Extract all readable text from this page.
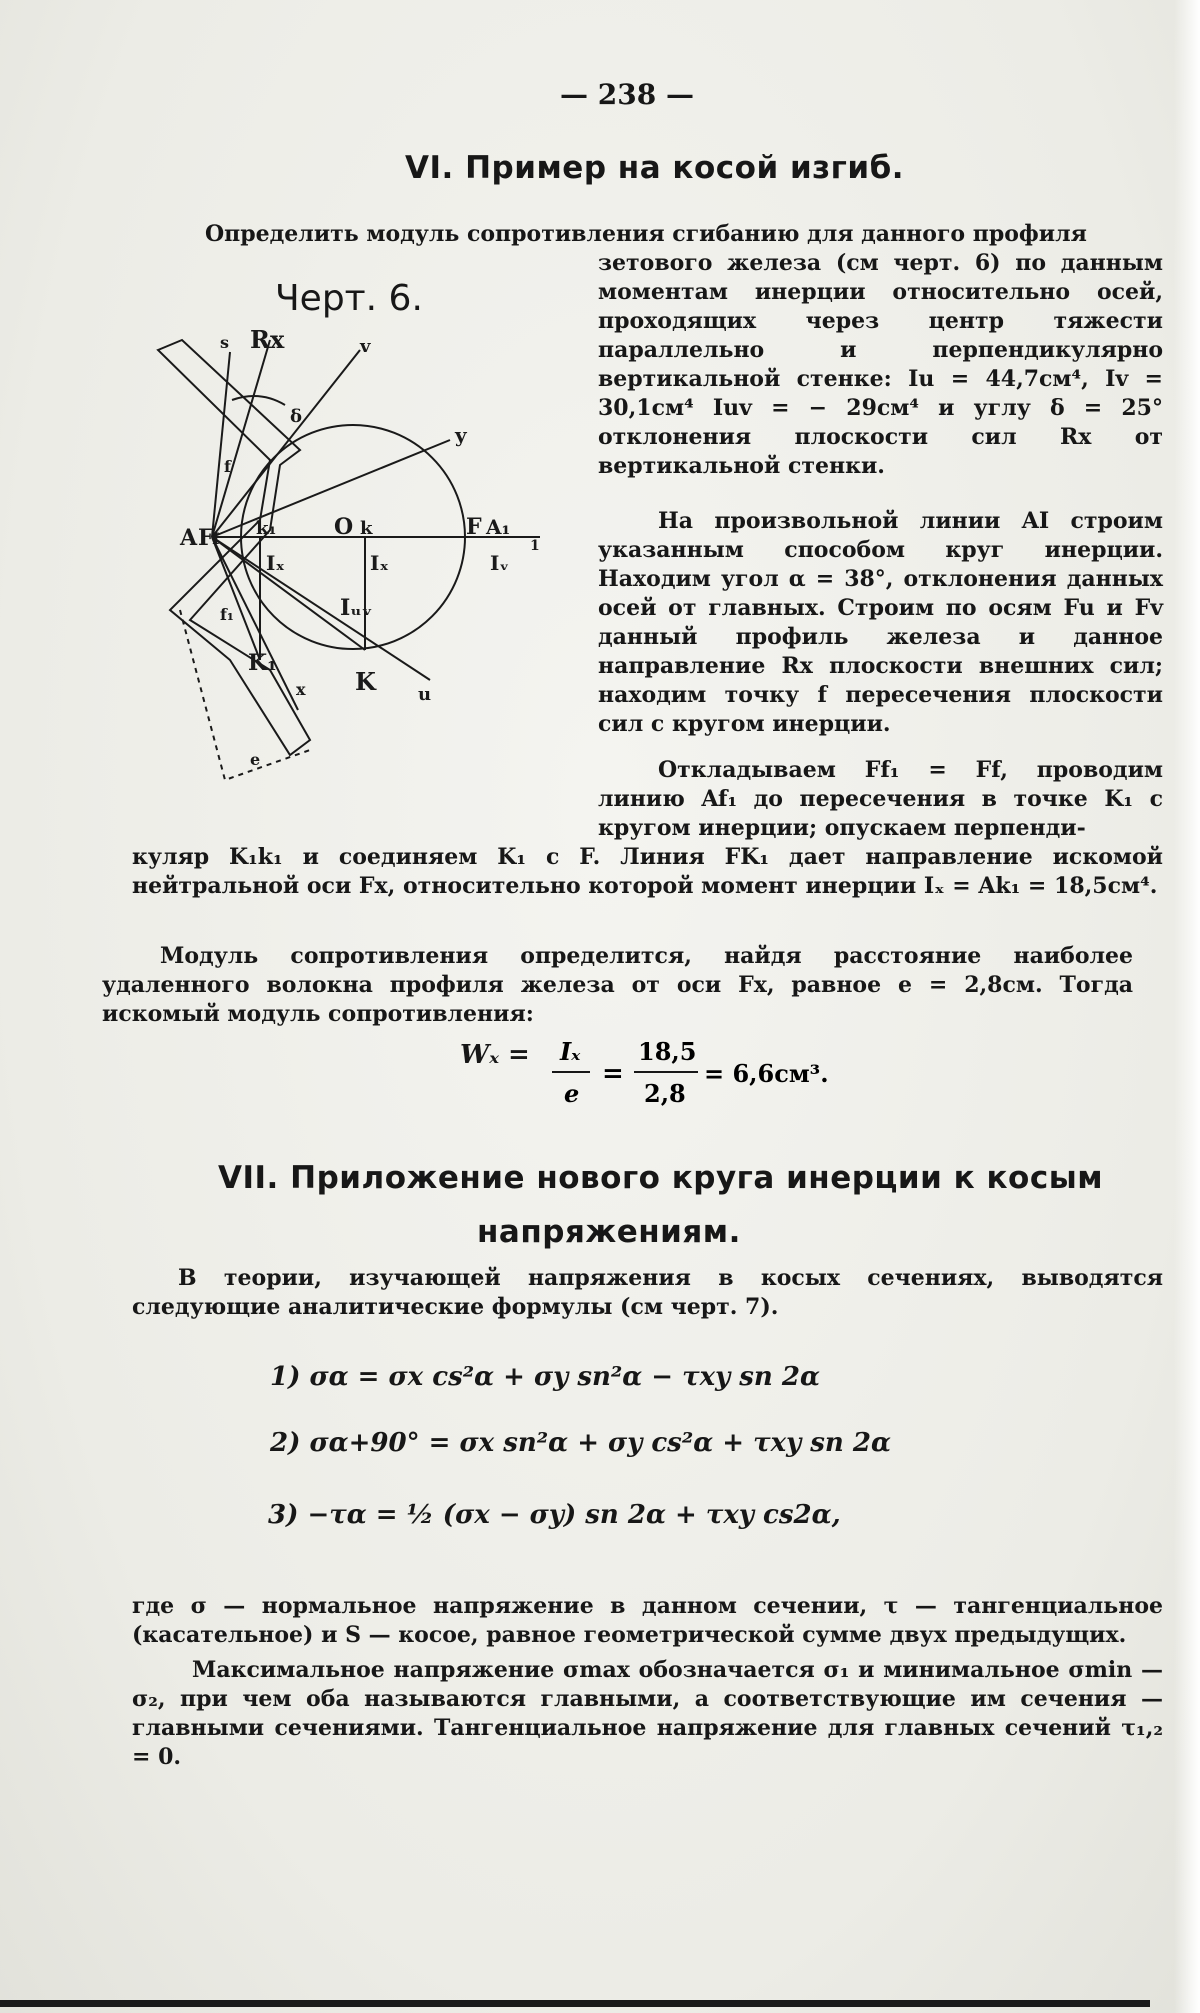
— 238 —
VI. Пример на косой изгиб.
Определить модуль сопротивления сгибанию для данного профиля
Черт. 6.
зетового железа (см черт. 6) по данным моментам инерции относительно осей, проходящих через центр тяжести параллельно и перпендикулярно вертикальной стенке: Iu = 44,7см⁴, Iv = 30,1см⁴ Iuv = − 29см⁴ и углу δ = 25° отклонения плоскости сил Rx от вертикальной стенки.
На произвольной линии AI строим указанным способом круг инерции. Находим угол α = 38°, отклонения данных осей от главных. Строим по осям Fu и Fv данный профиль железа и данное направление Rx плоскости внешних сил; находим точку f пересечения плоскости сил с кругом инерции.
Откладываем Ff₁ = Ff, проводим линию Af₁ до пересечения в точке K₁ с кругом инерции; опускаем перпенди-
куляр K₁k₁ и соединяем K₁ с F. Линия FK₁ дает направление искомой нейтральной оси Fx, относительно которой момент инерции Iₓ = Ak₁ = 18,5см⁴.
Модуль сопротивления определится, найдя расстояние наиболее удаленного волокна профиля железа от оси Fx, равное e = 2,8см. Тогда искомый модуль сопротивления:
Wₓ = Iₓ
e
=
18,5
2,8
= 6,6см³.
s Rx	v
y
δ
A F
I k₁	O k	F A₁
1
Iₓ	Iₓ	Iᵥ
Iᵤᵥ
f
f₁
K₁
x K u
e
VII. Приложение нового круга инерции к косым
напряжениям.
В теории, изучающей напряжения в косых сечениях, выводятся следующие аналитические формулы (см черт. 7).
1) σα = σx cs²α + σy sn²α − τxy sn 2α
2) σα+90° = σx sn²α + σy cs²α + τxy sn 2α
3) −τα = ½ (σx − σy) sn 2α + τxy cs2α,
где σ — нормальное напряжение в данном сечении, τ — тангенциальное (касательное) и S — косое, равное геометрической сумме двух предыдущих.
Максимальное напряжение σmax обозначается σ₁ и минимальное σmin — σ₂, при чем оба называются главными, а соответствующие им сечения — главными сечениями. Тангенциальное напряжение для главных сечений τ₁,₂ = 0.
